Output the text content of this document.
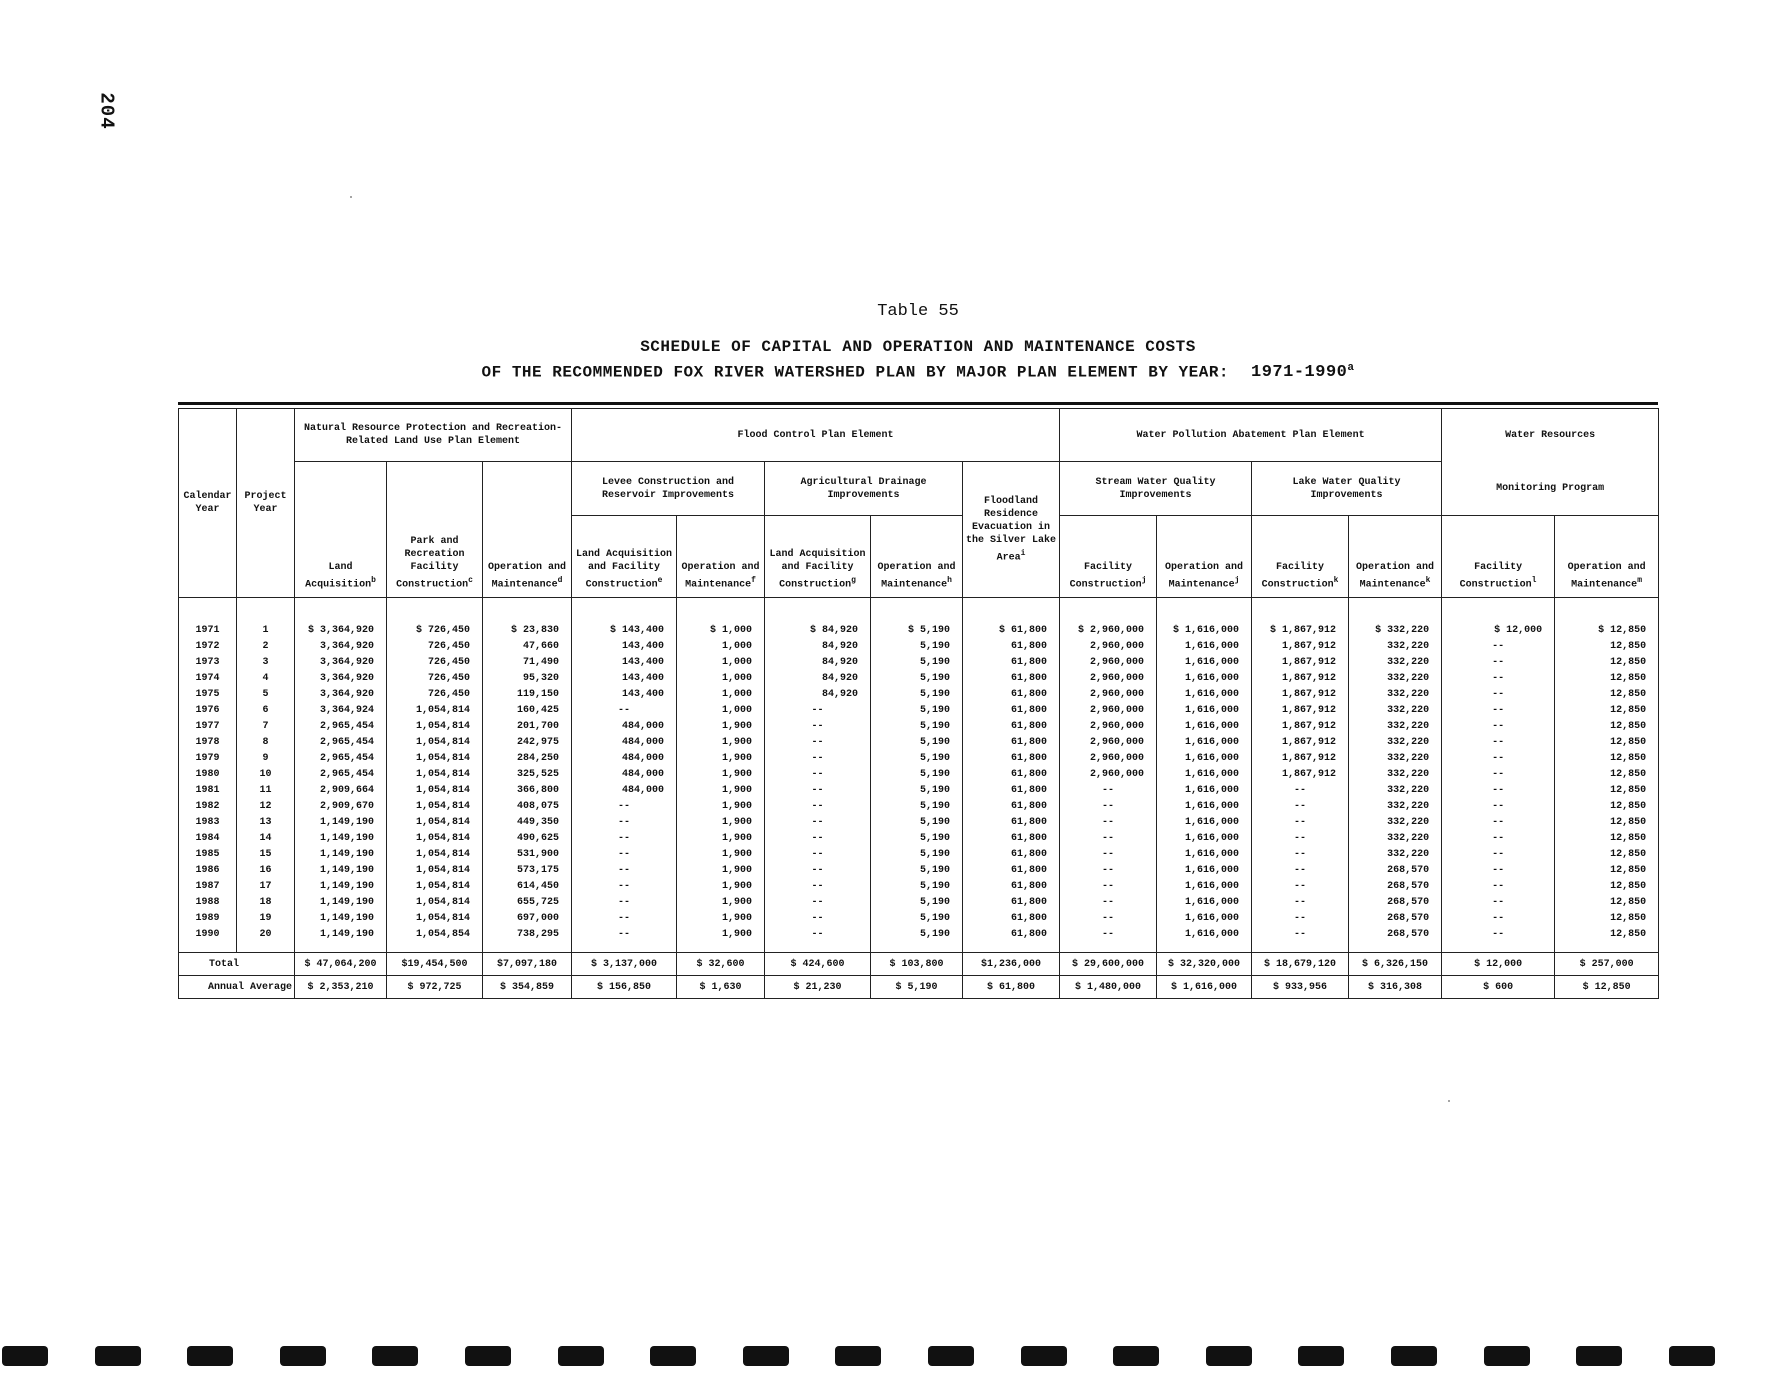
204
Table 55
SCHEDULE OF CAPITAL AND OPERATION AND MAINTENANCE COSTS
OF THE RECOMMENDED FOX RIVER WATERSHED PLAN BY MAJOR PLAN ELEMENT BY YEAR: 1971-1990$^a$
Calendar Year	Project Year	Natural Resource Protection and Recreation-Related Land Use Plan Element			Flood Control Plan Element					Water Pollution Abatement Plan Element				Water Resources	
		Land Acquisition$^b$	Park and Recreation Facility Construction$^c$	Operation and Maintenance$^d$	Levee Construction and Reservoir Improvements		Agricultural Drainage Improvements		Floodland Residence Evacuation in the Silver Lake Area$^i$	Stream Water Quality Improvements		Lake Water Quality Improvements		Monitoring Program	
					Land Acquisition and Facility Construction$^e$	Operation and Maintenance$^f$	Land Acquisition and Facility Construction$^g$	Operation and Maintenance$^h$		Facility Construction$^j$	Operation and Maintenance$^j$	Facility Construction$^k$	Operation and Maintenance$^k$	Facility Construction$^l$	Operation and Maintenance$^m$
1971	1	$ 3,364,920	$ 726,450	$ 23,830	$ 143,400	$ 1,000	$ 84,920	$ 5,190	$ 61,800	$ 2,960,000	$ 1,616,000	$ 1,867,912	$ 332,220	$ 12,000	$ 12,850
1972	2	3,364,920	726,450	47,660	143,400	1,000	84,920	5,190	61,800	2,960,000	1,616,000	1,867,912	332,220	--	12,850
1973	3	3,364,920	726,450	71,490	143,400	1,000	84,920	5,190	61,800	2,960,000	1,616,000	1,867,912	332,220	--	12,850
1974	4	3,364,920	726,450	95,320	143,400	1,000	84,920	5,190	61,800	2,960,000	1,616,000	1,867,912	332,220	--	12,850
1975	5	3,364,920	726,450	119,150	143,400	1,000	84,920	5,190	61,800	2,960,000	1,616,000	1,867,912	332,220	--	12,850
1976	6	3,364,924	1,054,814	160,425	--	1,000	--	5,190	61,800	2,960,000	1,616,000	1,867,912	332,220	--	12,850
1977	7	2,965,454	1,054,814	201,700	484,000	1,900	--	5,190	61,800	2,960,000	1,616,000	1,867,912	332,220	--	12,850
1978	8	2,965,454	1,054,814	242,975	484,000	1,900	--	5,190	61,800	2,960,000	1,616,000	1,867,912	332,220	--	12,850
1979	9	2,965,454	1,054,814	284,250	484,000	1,900	--	5,190	61,800	2,960,000	1,616,000	1,867,912	332,220	--	12,850
1980	10	2,965,454	1,054,814	325,525	484,000	1,900	--	5,190	61,800	2,960,000	1,616,000	1,867,912	332,220	--	12,850
1981	11	2,909,664	1,054,814	366,800	484,000	1,900	--	5,190	61,800	--	1,616,000	--	332,220	--	12,850
1982	12	2,909,670	1,054,814	408,075	--	1,900	--	5,190	61,800	--	1,616,000	--	332,220	--	12,850
1983	13	1,149,190	1,054,814	449,350	--	1,900	--	5,190	61,800	--	1,616,000	--	332,220	--	12,850
1984	14	1,149,190	1,054,814	490,625	--	1,900	--	5,190	61,800	--	1,616,000	--	332,220	--	12,850
1985	15	1,149,190	1,054,814	531,900	--	1,900	--	5,190	61,800	--	1,616,000	--	332,220	--	12,850
1986	16	1,149,190	1,054,814	573,175	--	1,900	--	5,190	61,800	--	1,616,000	--	268,570	--	12,850
1987	17	1,149,190	1,054,814	614,450	--	1,900	--	5,190	61,800	--	1,616,000	--	268,570	--	12,850
1988	18	1,149,190	1,054,814	655,725	--	1,900	--	5,190	61,800	--	1,616,000	--	268,570	--	12,850
1989	19	1,149,190	1,054,814	697,000	--	1,900	--	5,190	61,800	--	1,616,000	--	268,570	--	12,850
1990	20	1,149,190	1,054,854	738,295	--	1,900	--	5,190	61,800	--	1,616,000	--	268,570	--	12,850
Total		$ 47,064,200	$19,454,500	$7,097,180	$ 3,137,000	$ 32,600	$ 424,600	$ 103,800	$1,236,000	$ 29,600,000	$ 32,320,000	$ 18,679,120	$ 6,326,150	$ 12,000	$ 257,000
Annual Average		$ 2,353,210	$ 972,725	$ 354,859	$ 156,850	$ 1,630	$ 21,230	$ 5,190	$ 61,800	$ 1,480,000	$ 1,616,000	$ 933,956	$ 316,308	$ 600	$ 12,850
